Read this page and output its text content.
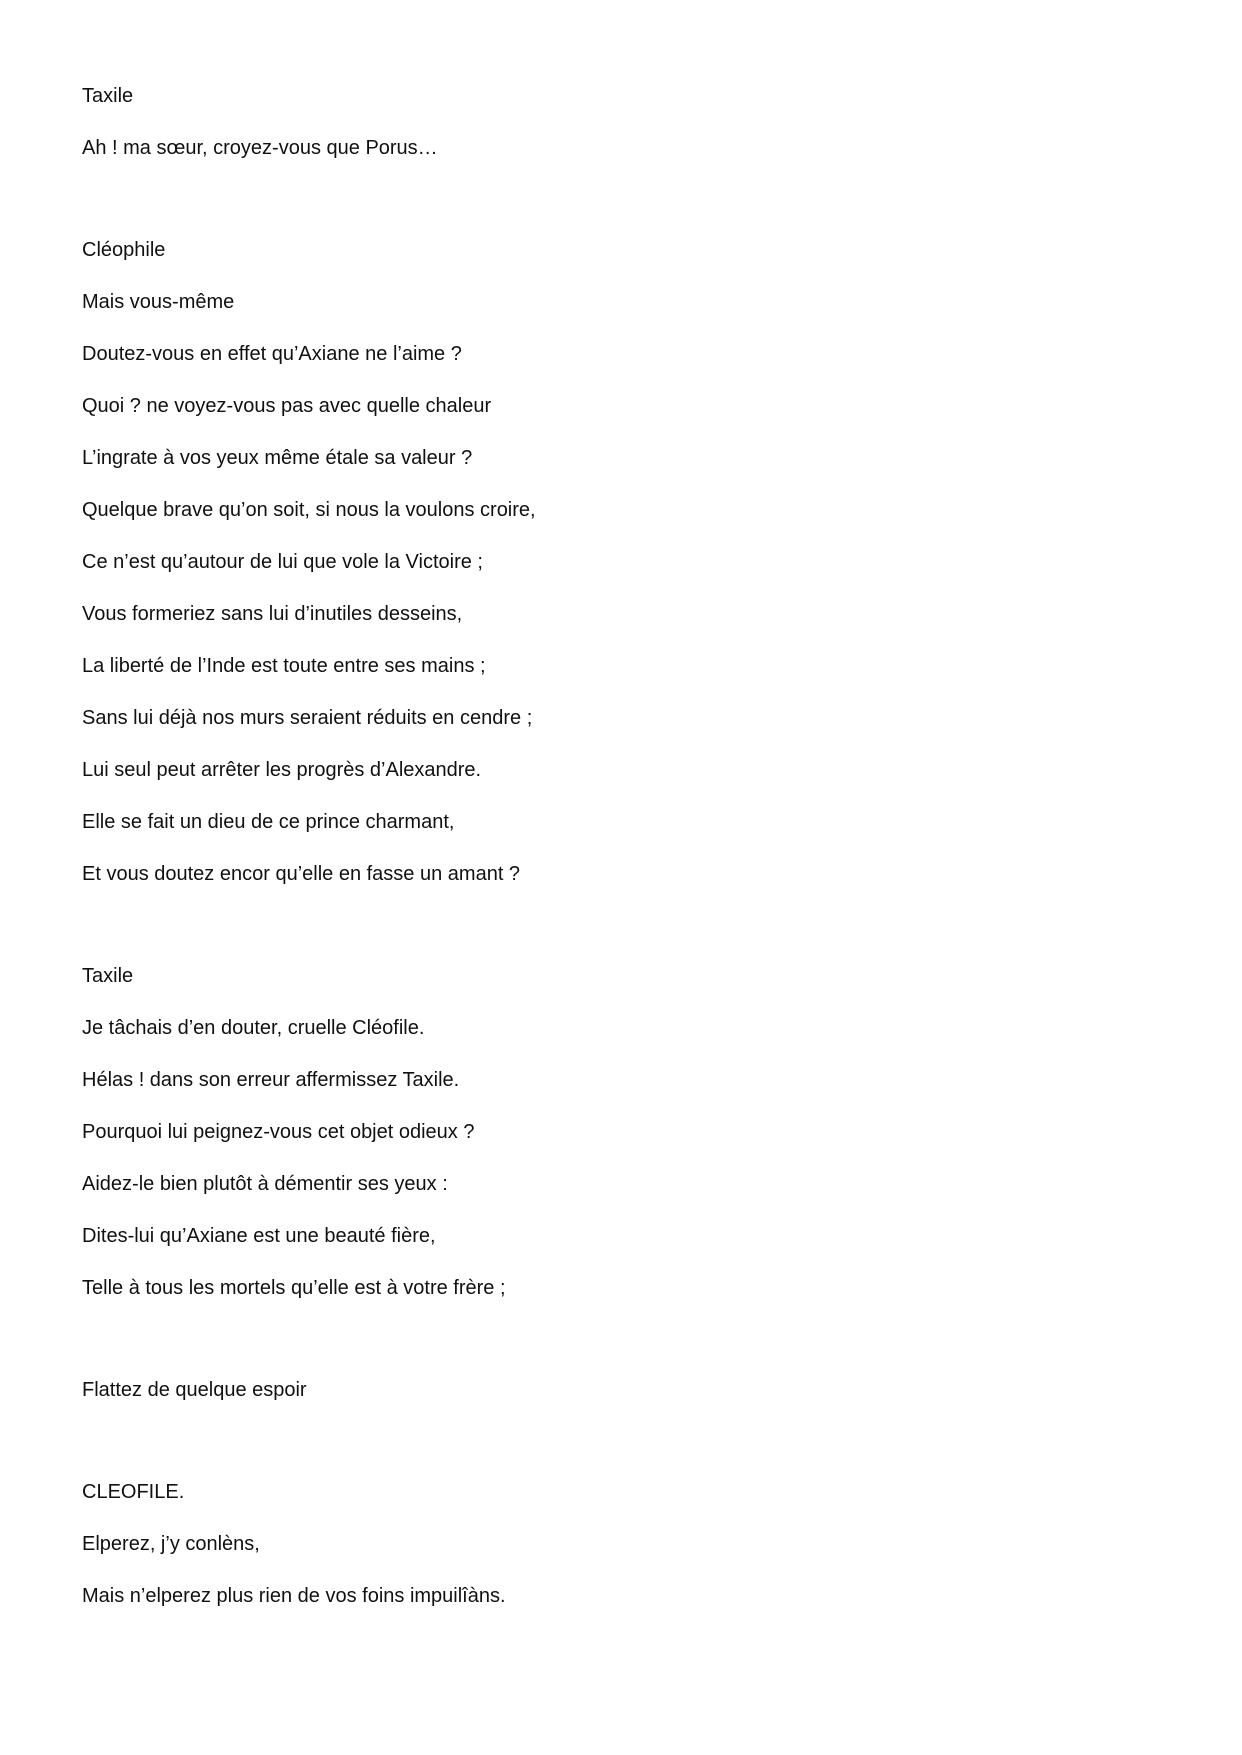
Taxile

Ah ! ma sœur, croyez-vous que Porus…

Cléophile

Mais vous-même

Doutez-vous en effet qu’Axiane ne l’aime ?

Quoi ? ne voyez-vous pas avec quelle chaleur

L’ingrate à vos yeux même étale sa valeur ?

Quelque brave qu’on soit, si nous la voulons croire,

Ce n’est qu’autour de lui que vole la Victoire ;

Vous formeriez sans lui d’inutiles desseins,

La liberté de l’Inde est toute entre ses mains ;

Sans lui déjà nos murs seraient réduits en cendre ;

Lui seul peut arrêter les progrès d’Alexandre.

Elle se fait un dieu de ce prince charmant,

Et vous doutez encor qu’elle en fasse un amant ?

Taxile

Je tâchais d’en douter, cruelle Cléofile.

Hélas ! dans son erreur affermissez Taxile.

Pourquoi lui peignez-vous cet objet odieux ?

Aidez-le bien plutôt à démentir ses yeux :

Dites-lui qu’Axiane est une beauté fière,

Telle à tous les mortels qu’elle est à votre frère ;

Flattez de quelque espoir

CLEOFILE.

Elperez, j’y conlèns,

Mais n’elperez plus rien de vos foins impuilîàns.
